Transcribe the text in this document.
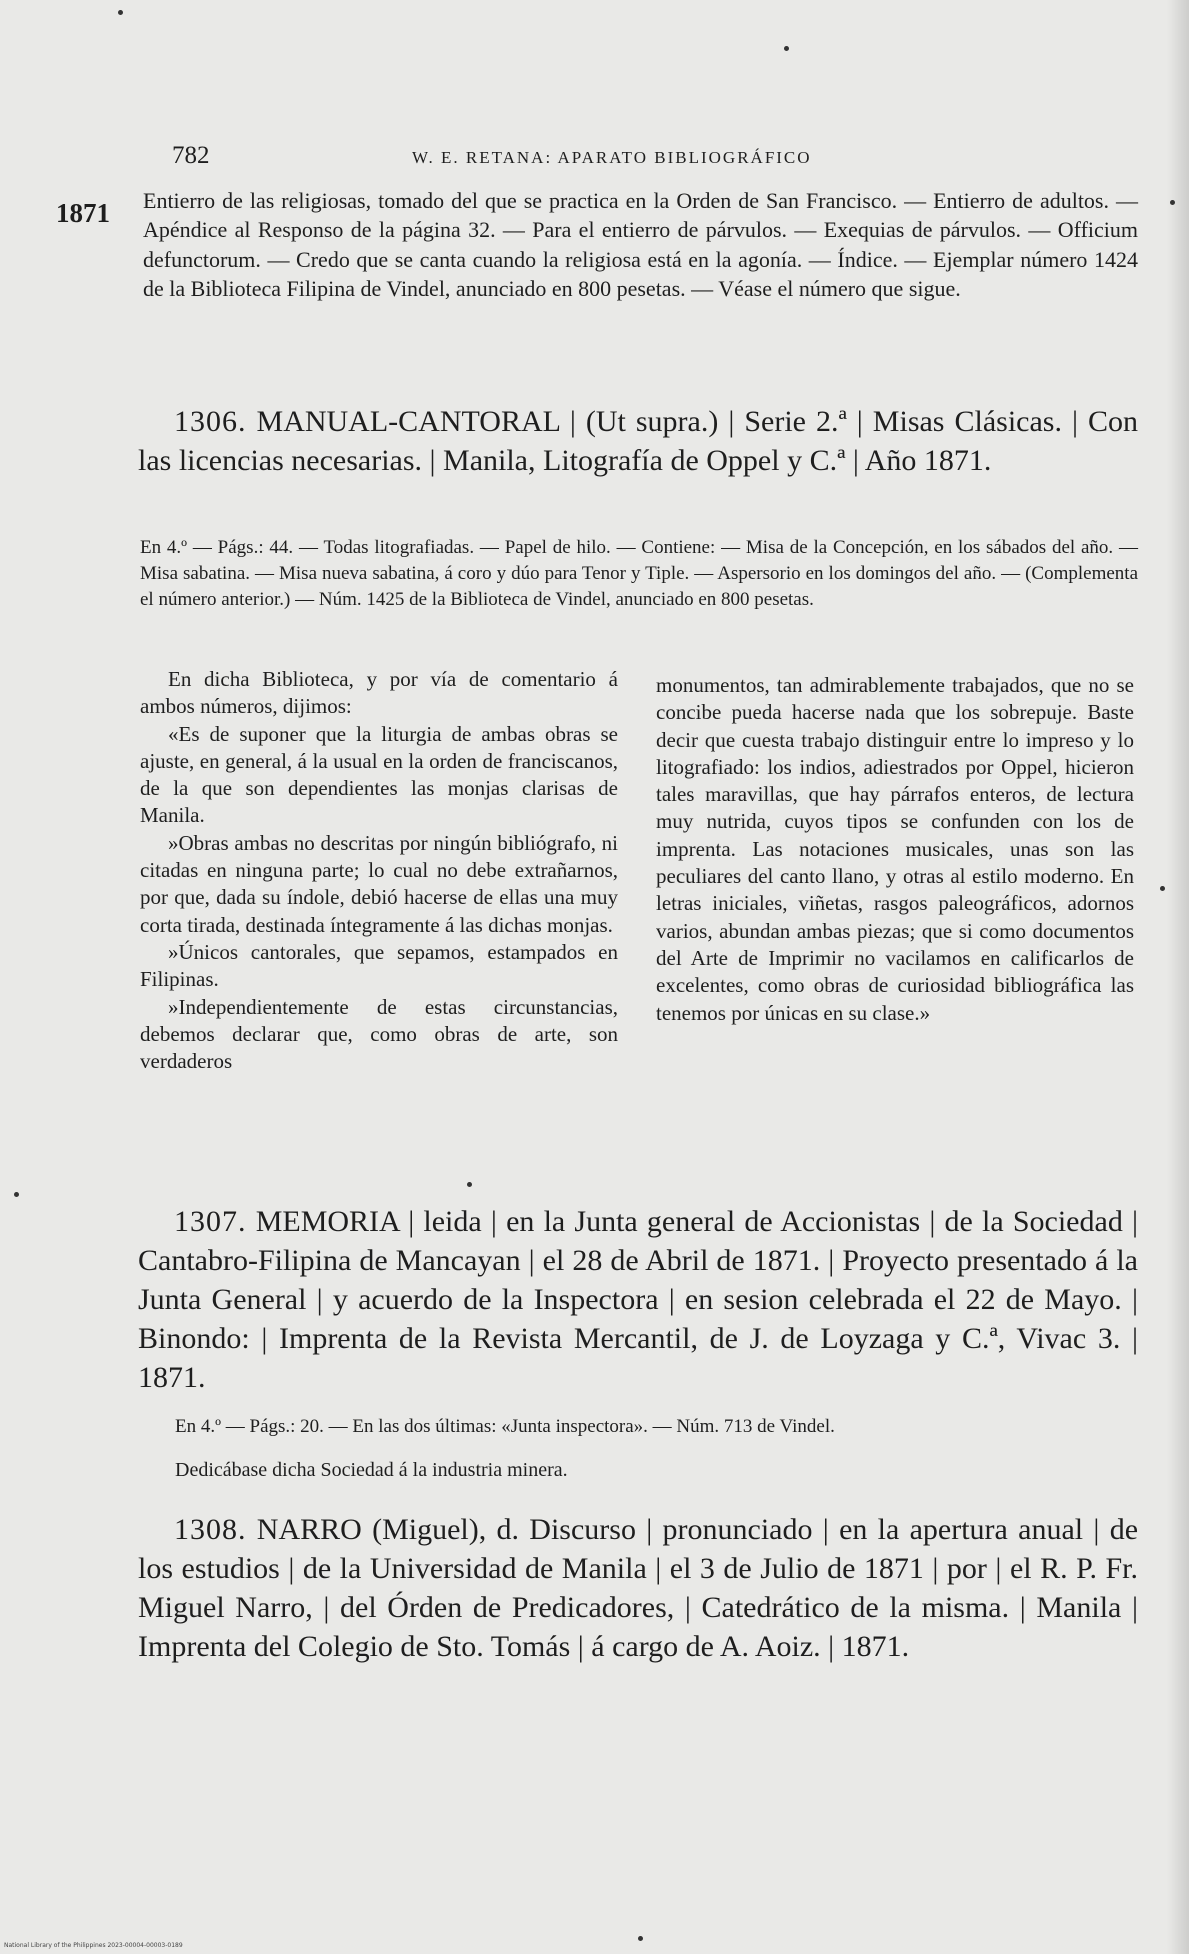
782	W. E. RETANA: APARATO BIBLIOGRÁFICO
1871 Entierro de las religiosas, tomado del que se practica en la Orden de San Francisco. — Entierro de adultos. — Apéndice al Responso de la página 32. — Para el entierro de párvulos. — Exequias de párvulos. — Officium defunctorum. — Credo que se canta cuando la religiosa está en la agonía. — Índice. — Ejemplar número 1424 de la Biblioteca Filipina de Vindel, anunciado en 800 pesetas. — Véase el número que sigue.

1306. MANUAL-CANTORAL | (Ut supra.) | Serie 2.ª | Misas Clásicas. | Con las licencias necesarias. | Manila, Litografía de Oppel y C.ª | Año 1871.

En 4.º — Págs.: 44. — Todas litografiadas. — Papel de hilo. — Contiene: — Misa de la Concepción, en los sábados del año. — Misa sabatina. — Misa nueva sabatina, á coro y dúo para Tenor y Tiple. — Aspersorio en los domingos del año. — (Complementa el número anterior.) — Núm. 1425 de la Biblioteca de Vindel, anunciado en 800 pesetas.

En dicha Biblioteca, y por vía de comentario á ambos números, dijimos:

«Es de suponer que la liturgia de ambas obras se ajuste, en general, á la usual en la orden de franciscanos, de la que son dependientes las monjas clarisas de Manila.

»Obras ambas no descritas por ningún bibliógrafo, ni citadas en ninguna parte; lo cual no debe extrañarnos, por que, dada su índole, debió hacerse de ellas una muy corta tirada, destinada íntegramente á las dichas monjas.

»Únicos cantorales, que sepamos, estampados en Filipinas.

»Independientemente de estas circunstancias, debemos declarar que, como obras de arte, son verdaderos

monumentos, tan admirablemente trabajados, que no se concibe pueda hacerse nada que los sobrepuje. Baste decir que cuesta trabajo distinguir entre lo impreso y lo litografiado: los indios, adiestrados por Oppel, hicieron tales maravillas, que hay párrafos enteros, de lectura muy nutrida, cuyos tipos se confunden con los de imprenta. Las notaciones musicales, unas son las peculiares del canto llano, y otras al estilo moderno. En letras iniciales, viñetas, rasgos paleográficos, adornos varios, abundan ambas piezas; que si como documentos del Arte de Imprimir no vacilamos en calificarlos de excelentes, como obras de curiosidad bibliográfica las tenemos por únicas en su clase.»

1307. MEMORIA | leida | en la Junta general de Accionistas | de la Sociedad | Cantabro-Filipina de Mancayan | el 28 de Abril de 1871. | Proyecto presentado á la Junta General | y acuerdo de la Inspectora | en sesion celebrada el 22 de Mayo. | Binondo: | Imprenta de la Revista Mercantil, de J. de Loyzaga y C.ª, Vivac 3. | 1871.

En 4.º — Págs.: 20. — En las dos últimas: «Junta inspectora». — Núm. 713 de Vindel.

Dedicábase dicha Sociedad á la industria minera.

1308. NARRO (Miguel), d. Discurso | pronunciado | en la apertura anual | de los estudios | de la Universidad de Manila | el 3 de Julio de 1871 | por | el R. P. Fr. Miguel Narro, | del Órden de Predicadores, | Catedrático de la misma. | Manila | Imprenta del Colegio de Sto. Tomás | á cargo de A. Aoiz. | 1871.
National Library of the Philippines 2023-00004-00003-0189
